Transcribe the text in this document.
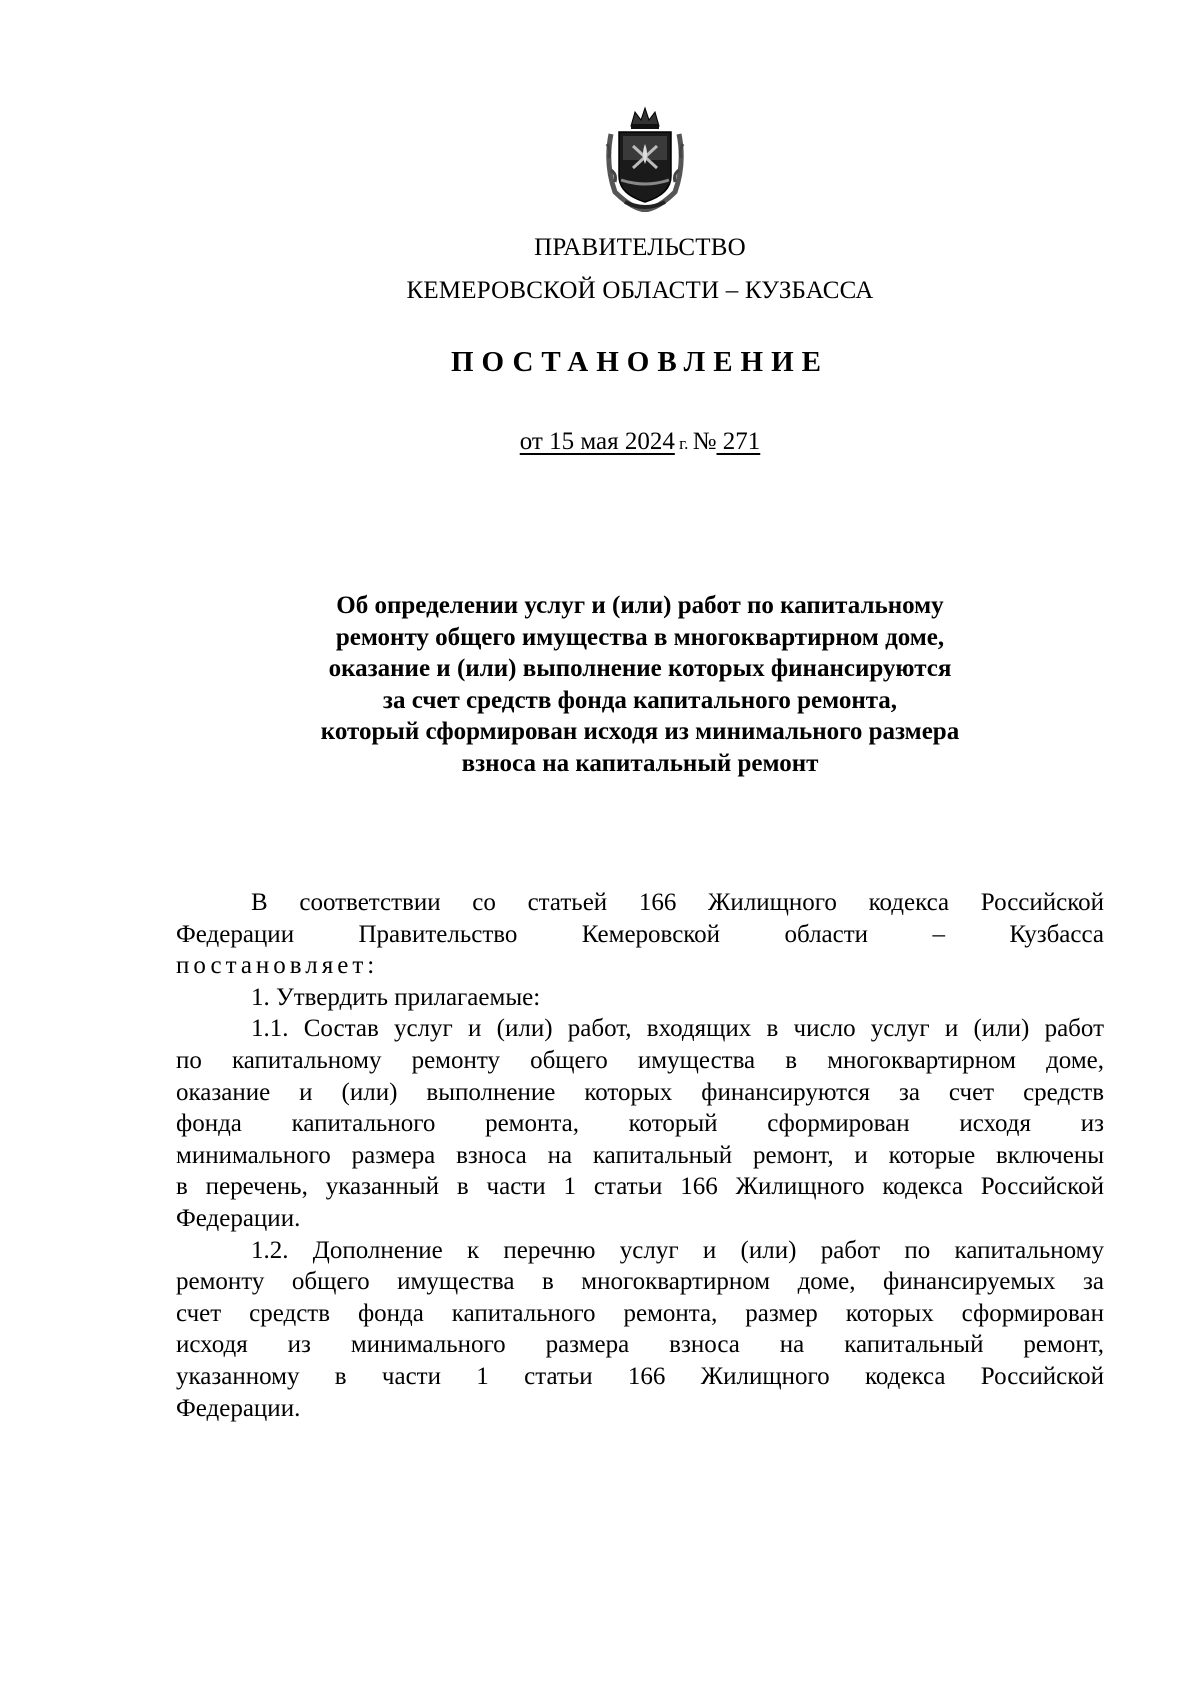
ПРАВИТЕЛЬСТВО
КЕМЕРОВСКОЙ ОБЛАСТИ – КУЗБАССА
ПОСТАНОВЛЕНИЕ
от 15 мая 2024 г. № 271
Об определении услуг и (или) работ по капитальному
ремонту общего имущества в многоквартирном доме,
оказание и (или) выполнение которых финансируются
за счет средств фонда капитального ремонта,
который сформирован исходя из минимального размера
взноса на капитальный ремонт
В соответствии со статьей 166 Жилищного кодекса Российской
Федерации Правительство Кемеровской области – Кузбасса
постановляет:
1. Утвердить прилагаемые:
1.1. Состав услуг и (или) работ, входящих в число услуг и (или) работ
по капитальному ремонту общего имущества в многоквартирном доме,
оказание и (или) выполнение которых финансируются за счет средств
фонда капитального ремонта, который сформирован исходя из
минимального размера взноса на капитальный ремонт, и которые включены
в перечень, указанный в части 1 статьи 166 Жилищного кодекса Российской
Федерации.
1.2. Дополнение к перечню услуг и (или) работ по капитальному
ремонту общего имущества в многоквартирном доме, финансируемых за
счет средств фонда капитального ремонта, размер которых сформирован
исходя из минимального размера взноса на капитальный ремонт,
указанному в части 1 статьи 166 Жилищного кодекса Российской
Федерации.
